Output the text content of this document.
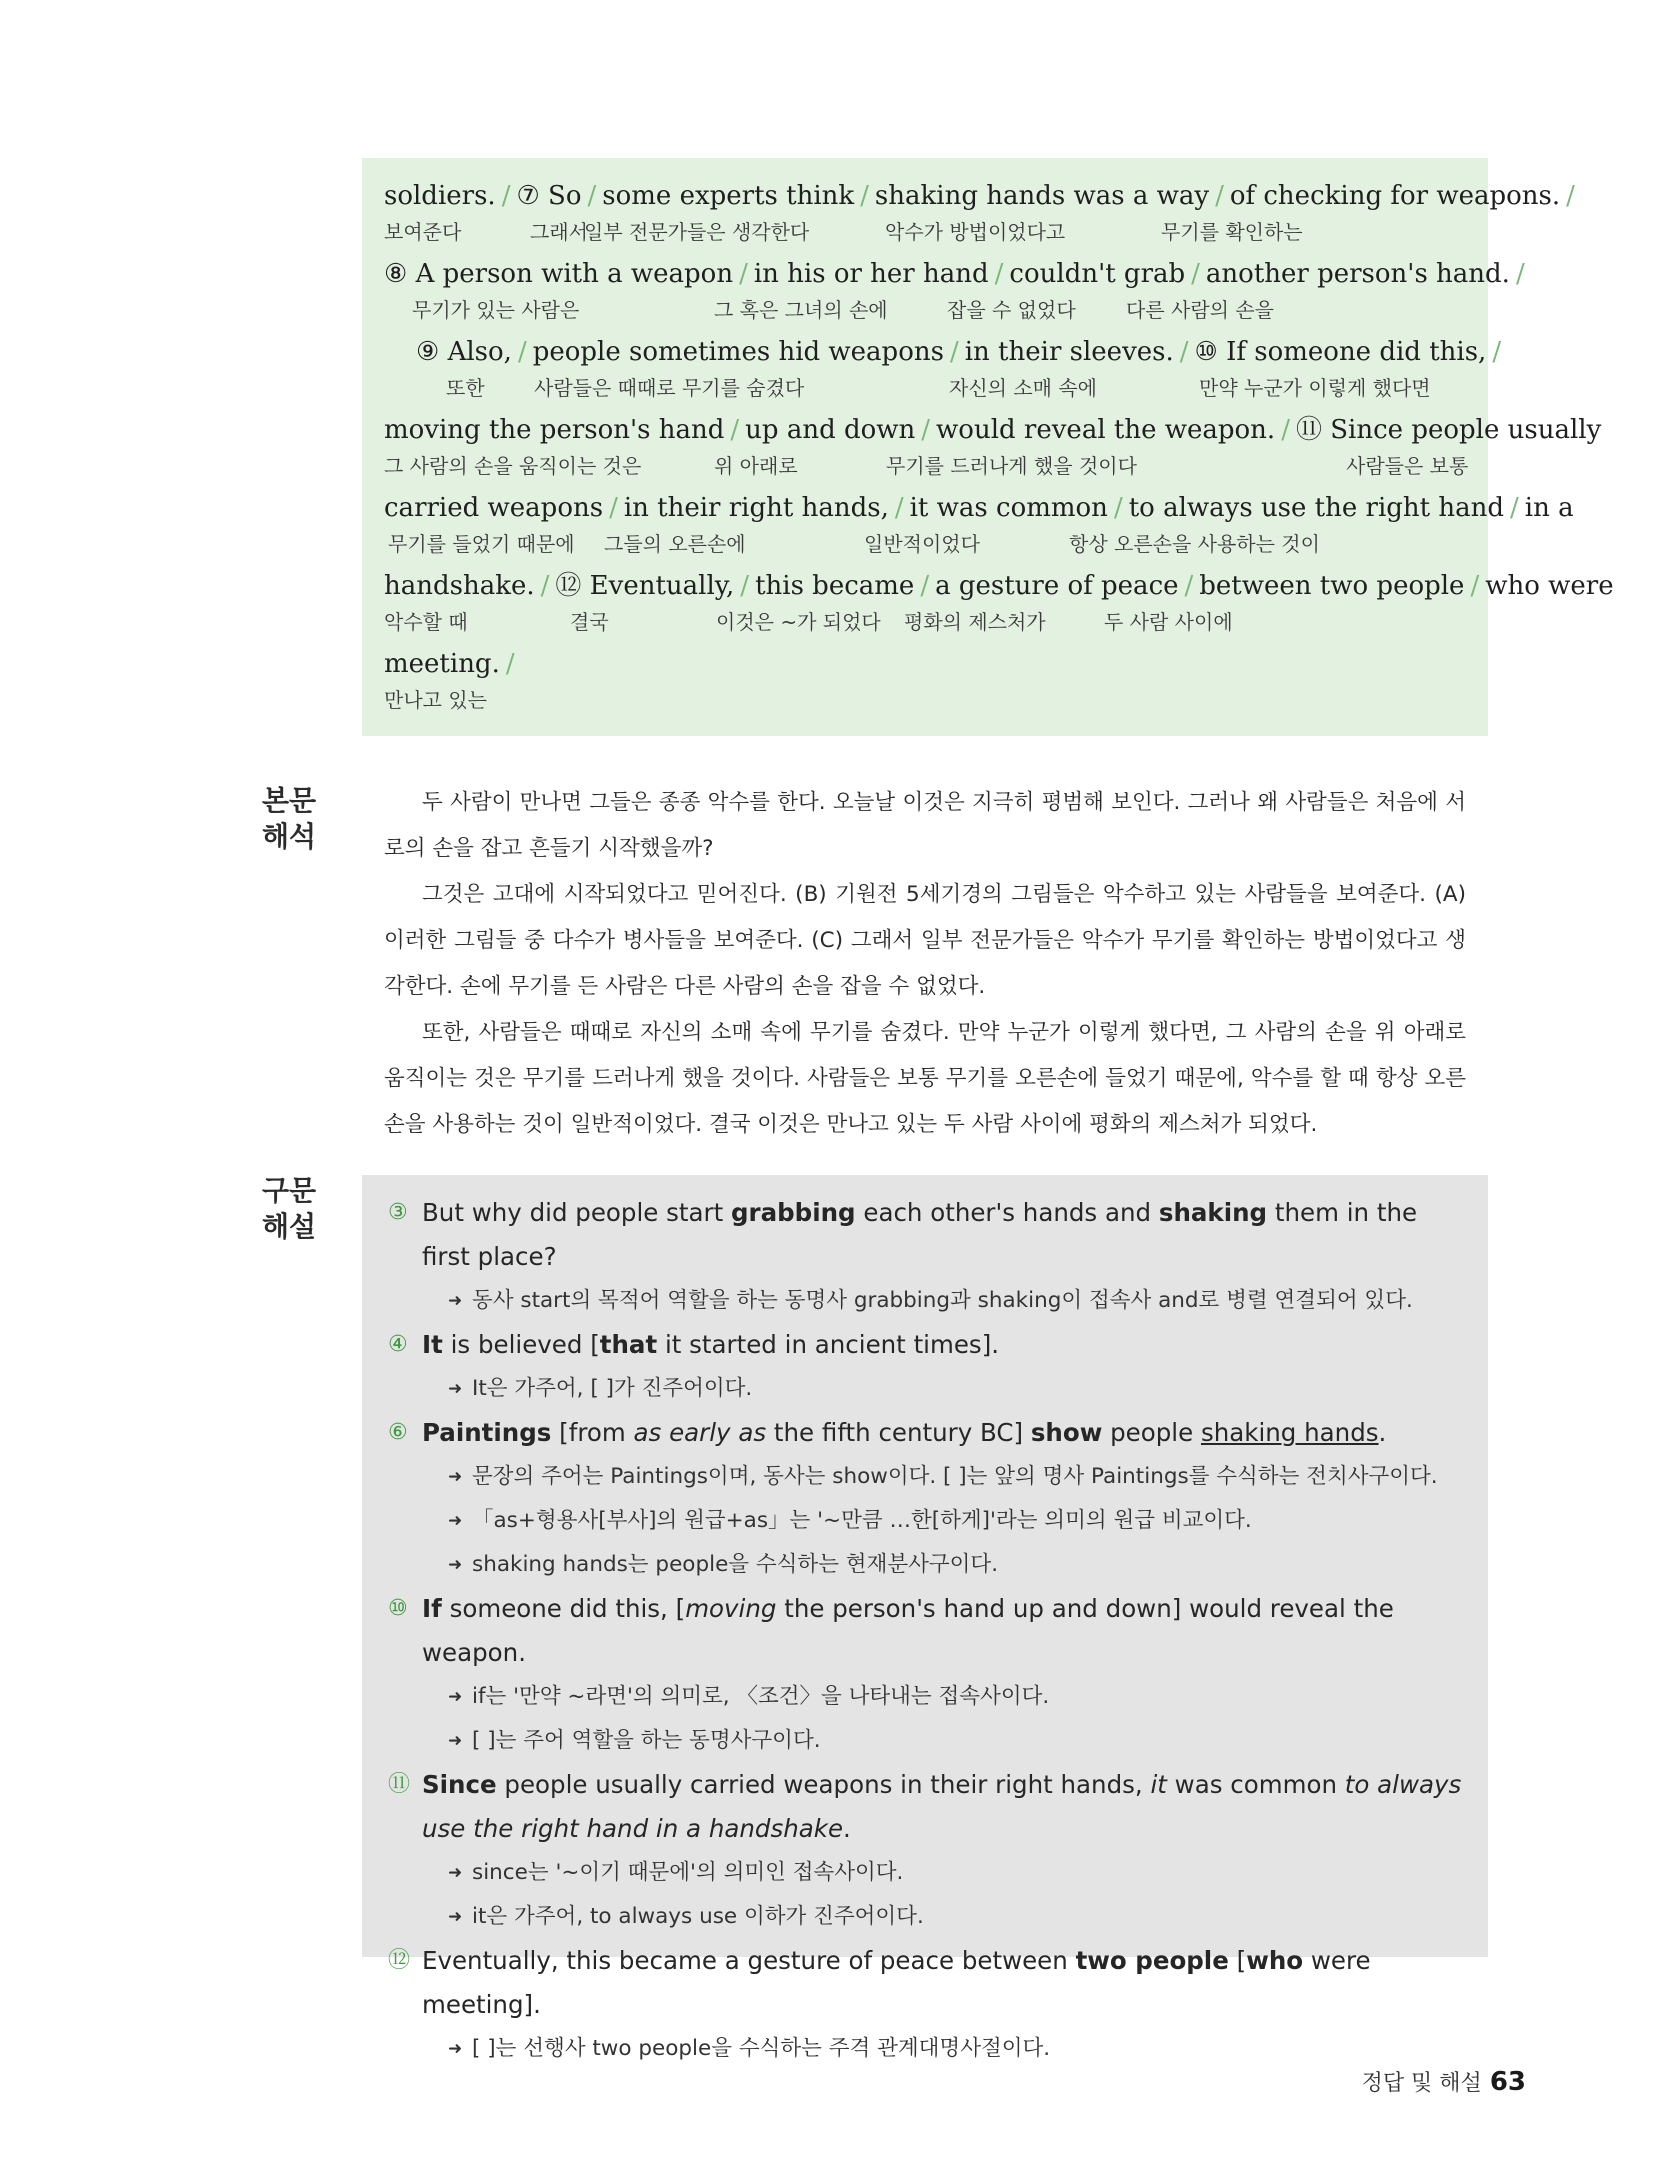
soldiers. / ⑦ So / some experts think / shaking hands was a way / of checking for weapons. /
보여준다	그래서
일부 전문가들은 생각한다	악수가 방법이었다고	무기를 확인하는
⑧ A person with a weapon / in his or her hand / couldn't grab / another person's hand. /
무기가 있는 사람은	그 혹은 그녀의 손에	잡을 수 없었다	다른 사람의 손을
⑨ Also, / people sometimes hid weapons / in their sleeves. / ⑩ If someone did this, /
또한 사람들은 때때로 무기를 숨겼다	자신의 소매 속에	만약 누군가 이렇게 했다면
moving the person's hand / up and down / would reveal the weapon. / ⑪ Since people usually
그 사람의 손을 움직이는 것은	위 아래로	무기를 드러나게 했을 것이다	사람들은 보통
carried weapons / in their right hands, / it was common / to always use the right hand / in a
무기를 들었기 때문에 그들의 오른손에	일반적이었다	항상 오른손을 사용하는 것이
handshake. / ⑫ Eventually, / this became / a gesture of peace / between two people / who were
악수할 때	결국	이것은 ~가 되었다 평화의 제스처가	두 사람 사이에
meeting. /
만나고 있는
본문
해석

두 사람이 만나면 그들은 종종 악수를 한다. 오늘날 이것은 지극히 평범해 보인다. 그러나 왜 사람들은 처음에 서로의 손을 잡고 흔들기 시작했을까?

그것은 고대에 시작되었다고 믿어진다. (B) 기원전 5세기경의 그림들은 악수하고 있는 사람들을 보여준다. (A) 이러한 그림들 중 다수가 병사들을 보여준다. (C) 그래서 일부 전문가들은 악수가 무기를 확인하는 방법이었다고 생각한다. 손에 무기를 든 사람은 다른 사람의 손을 잡을 수 없었다.

또한, 사람들은 때때로 자신의 소매 속에 무기를 숨겼다. 만약 누군가 이렇게 했다면, 그 사람의 손을 위 아래로 움직이는 것은 무기를 드러나게 했을 것이다. 사람들은 보통 무기를 오른손에 들었기 때문에, 악수를 할 때 항상 오른손을 사용하는 것이 일반적이었다. 결국 이것은 만나고 있는 두 사람 사이에 평화의 제스처가 되었다.

구문
해설	③ But why did people start grabbing each other's hands and shaking them in the first place?
➜ 동사 start의 목적어 역할을 하는 동명사 grabbing과 shaking이 접속사 and로 병렬 연결되어 있다.
④ It is believed [that it started in ancient times].
➜ It은 가주어, [ ]가 진주어이다.
⑥ Paintings [from as early as the fifth century BC] show people shaking hands.
➜ 문장의 주어는 Paintings이며, 동사는 show이다. [ ]는 앞의 명사 Paintings를 수식하는 전치사구이다.
➜ 「as+형용사[부사]의 원급+as」는 '~만큼 …한[하게]'라는 의미의 원급 비교이다.
➜ shaking hands는 people을 수식하는 현재분사구이다.
⑩ If someone did this, [moving the person's hand up and down] would reveal the weapon.
➜ if는 '만약 ~라면'의 의미로, 〈조건〉을 나타내는 접속사이다.
➜ [ ]는 주어 역할을 하는 동명사구이다.
⑪ Since people usually carried weapons in their right hands, it was common to always use the right hand in a handshake.
➜ since는 '~이기 때문에'의 의미인 접속사이다.
➜ it은 가주어, to always use 이하가 진주어이다.
⑫ Eventually, this became a gesture of peace between two people [who were meeting].
➜ [ ]는 선행사 two people을 수식하는 주격 관계대명사절이다.
정답 및 해설 63
